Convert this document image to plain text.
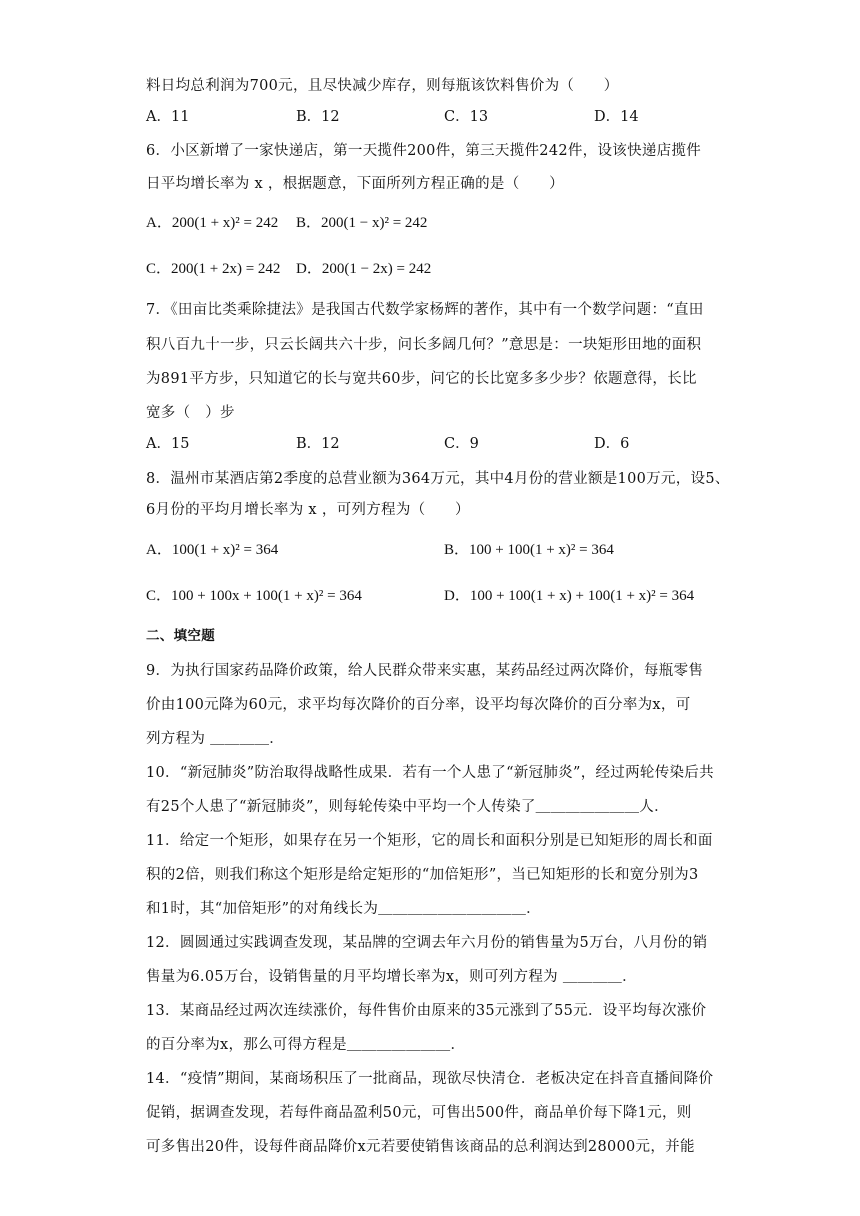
料日均总利润为700元，且尽快减少库存，则每瓶该饮料售价为（　　）
A．11	B．12	C．13	D．14
6．小区新增了一家快递店，第一天揽件200件，第三天揽件242件，设该快递店揽件
日平均增长率为 x ，根据题意，下面所列方程正确的是（　　）
A．200(1 + x)² = 242 B．200(1 − x)² = 242
C．200(1 + 2x) = 242 D．200(1 − 2x) = 242
7．《田亩比类乘除捷法》是我国古代数学家杨辉的著作，其中有一个数学问题：“直田
积八百九十一步，只云长阔共六十步，问长多阔几何？”意思是：一块矩形田地的面积
为891平方步，只知道它的长与宽共60步，问它的长比宽多多少步？依题意得，长比
宽多（　）步
A．15	B．12	C．9	D．6
8．温州市某酒店第2季度的总营业额为364万元，其中4月份的营业额是100万元，设5、
6月份的平均月增长率为 x ，可列方程为（　　）
A．100(1 + x)² = 364	B．100 + 100(1 + x)² = 364
C．100 + 100x + 100(1 + x)² = 364	D．100 + 100(1 + x) + 100(1 + x)² = 364
二、填空题
9．为执行国家药品降价政策，给人民群众带来实惠，某药品经过两次降价，每瓶零售
价由100元降为60元，求平均每次降价的百分率，设平均每次降价的百分率为x，可
列方程为 ＿＿＿＿．
10．“新冠肺炎”防治取得战略性成果．若有一个人患了“新冠肺炎”，经过两轮传染后共
有25个人患了“新冠肺炎”，则每轮传染中平均一个人传染了＿＿＿＿＿＿＿人．
11．给定一个矩形，如果存在另一个矩形，它的周长和面积分别是已知矩形的周长和面
积的2倍，则我们称这个矩形是给定矩形的“加倍矩形”，当已知矩形的长和宽分别为3
和1时，其“加倍矩形”的对角线长为＿＿＿＿＿＿＿＿＿＿．
12．圆圆通过实践调查发现，某品牌的空调去年六月份的销售量为5万台，八月份的销
售量为6.05万台，设销售量的月平均增长率为x，则可列方程为 ＿＿＿＿．
13．某商品经过两次连续涨价，每件售价由原来的35元涨到了55元．设平均每次涨价
的百分率为x，那么可得方程是＿＿＿＿＿＿＿．
14．“疫情”期间，某商场积压了一批商品，现欲尽快清仓．老板决定在抖音直播间降价
促销，据调查发现，若每件商品盈利50元，可售出500件，商品单价每下降1元，则
可多售出20件，设每件商品降价x元若要使销售该商品的总利润达到28000元，并能
